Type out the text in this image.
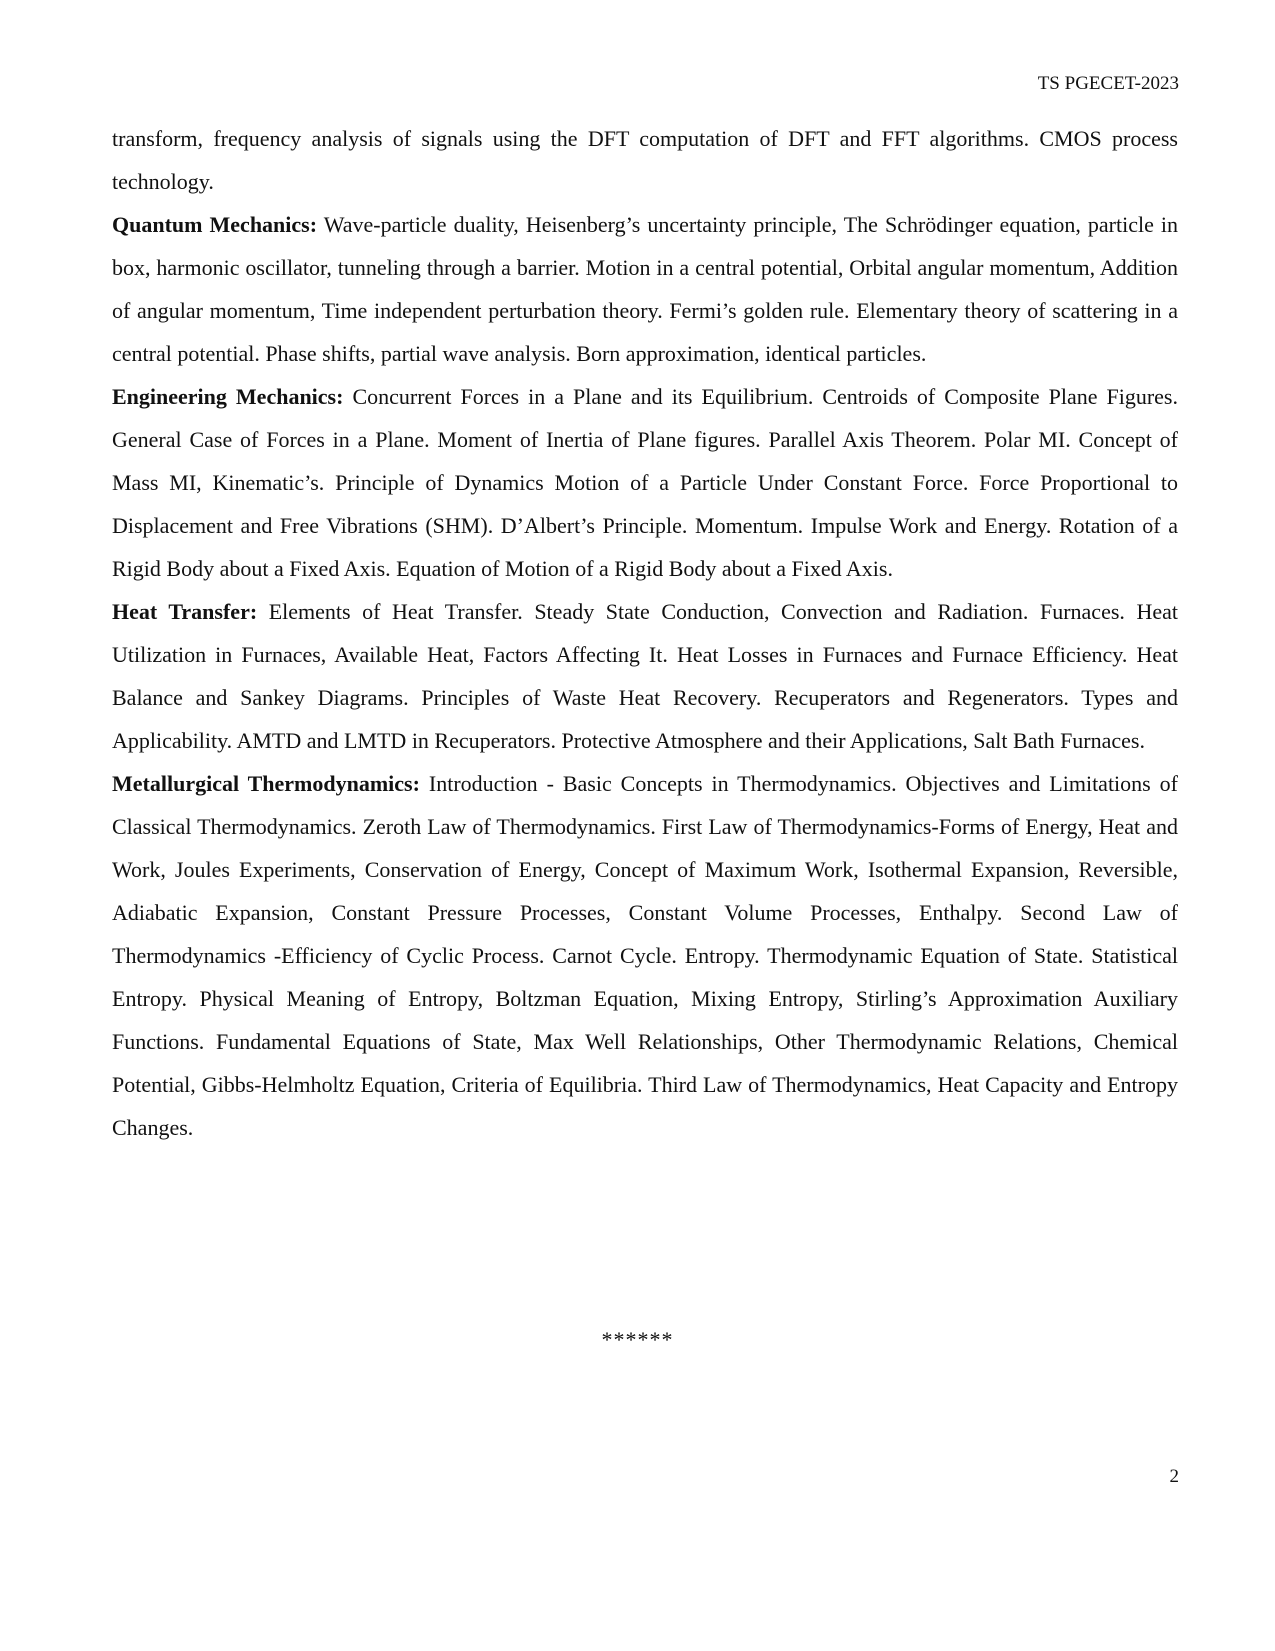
TS PGECET-2023

transform, frequency analysis of signals using the DFT computation of DFT and FFT algorithms. CMOS process technology.

Quantum Mechanics: Wave-particle duality, Heisenberg’s uncertainty principle, The Schrödinger equation, particle in box, harmonic oscillator, tunneling through a barrier. Motion in a central potential, Orbital angular momentum, Addition of angular momentum, Time independent perturbation theory. Fermi’s golden rule. Elementary theory of scattering in a central potential. Phase shifts, partial wave analysis. Born approximation, identical particles.

Engineering Mechanics: Concurrent Forces in a Plane and its Equilibrium. Centroids of Composite Plane Figures. General Case of Forces in a Plane. Moment of Inertia of Plane figures. Parallel Axis Theorem. Polar MI. Concept of Mass MI, Kinematic’s. Principle of Dynamics Motion of a Particle Under Constant Force. Force Proportional to Displacement and Free Vibrations (SHM). D’Albert’s Principle. Momentum. Impulse Work and Energy. Rotation of a Rigid Body about a Fixed Axis. Equation of Motion of a Rigid Body about a Fixed Axis.

Heat Transfer: Elements of Heat Transfer. Steady State Conduction, Convection and Radiation. Furnaces. Heat Utilization in Furnaces, Available Heat, Factors Affecting It. Heat Losses in Furnaces and Furnace Efficiency. Heat Balance and Sankey Diagrams. Principles of Waste Heat Recovery. Recuperators and Regenerators. Types and Applicability. AMTD and LMTD in Recuperators. Protective Atmosphere and their Applications, Salt Bath Furnaces.

Metallurgical Thermodynamics: Introduction - Basic Concepts in Thermodynamics. Objectives and Limitations of Classical Thermodynamics. Zeroth Law of Thermodynamics. First Law of Thermodynamics-Forms of Energy, Heat and Work, Joules Experiments, Conservation of Energy, Concept of Maximum Work, Isothermal Expansion, Reversible, Adiabatic Expansion, Constant Pressure Processes, Constant Volume Processes, Enthalpy. Second Law of Thermodynamics -Efficiency of Cyclic Process. Carnot Cycle. Entropy. Thermodynamic Equation of State. Statistical Entropy. Physical Meaning of Entropy, Boltzman Equation, Mixing Entropy, Stirling’s Approximation Auxiliary Functions. Fundamental Equations of State, Max Well Relationships, Other Thermodynamic Relations, Chemical Potential, Gibbs-Helmholtz Equation, Criteria of Equilibria. Third Law of Thermodynamics, Heat Capacity and Entropy Changes.

******
2
